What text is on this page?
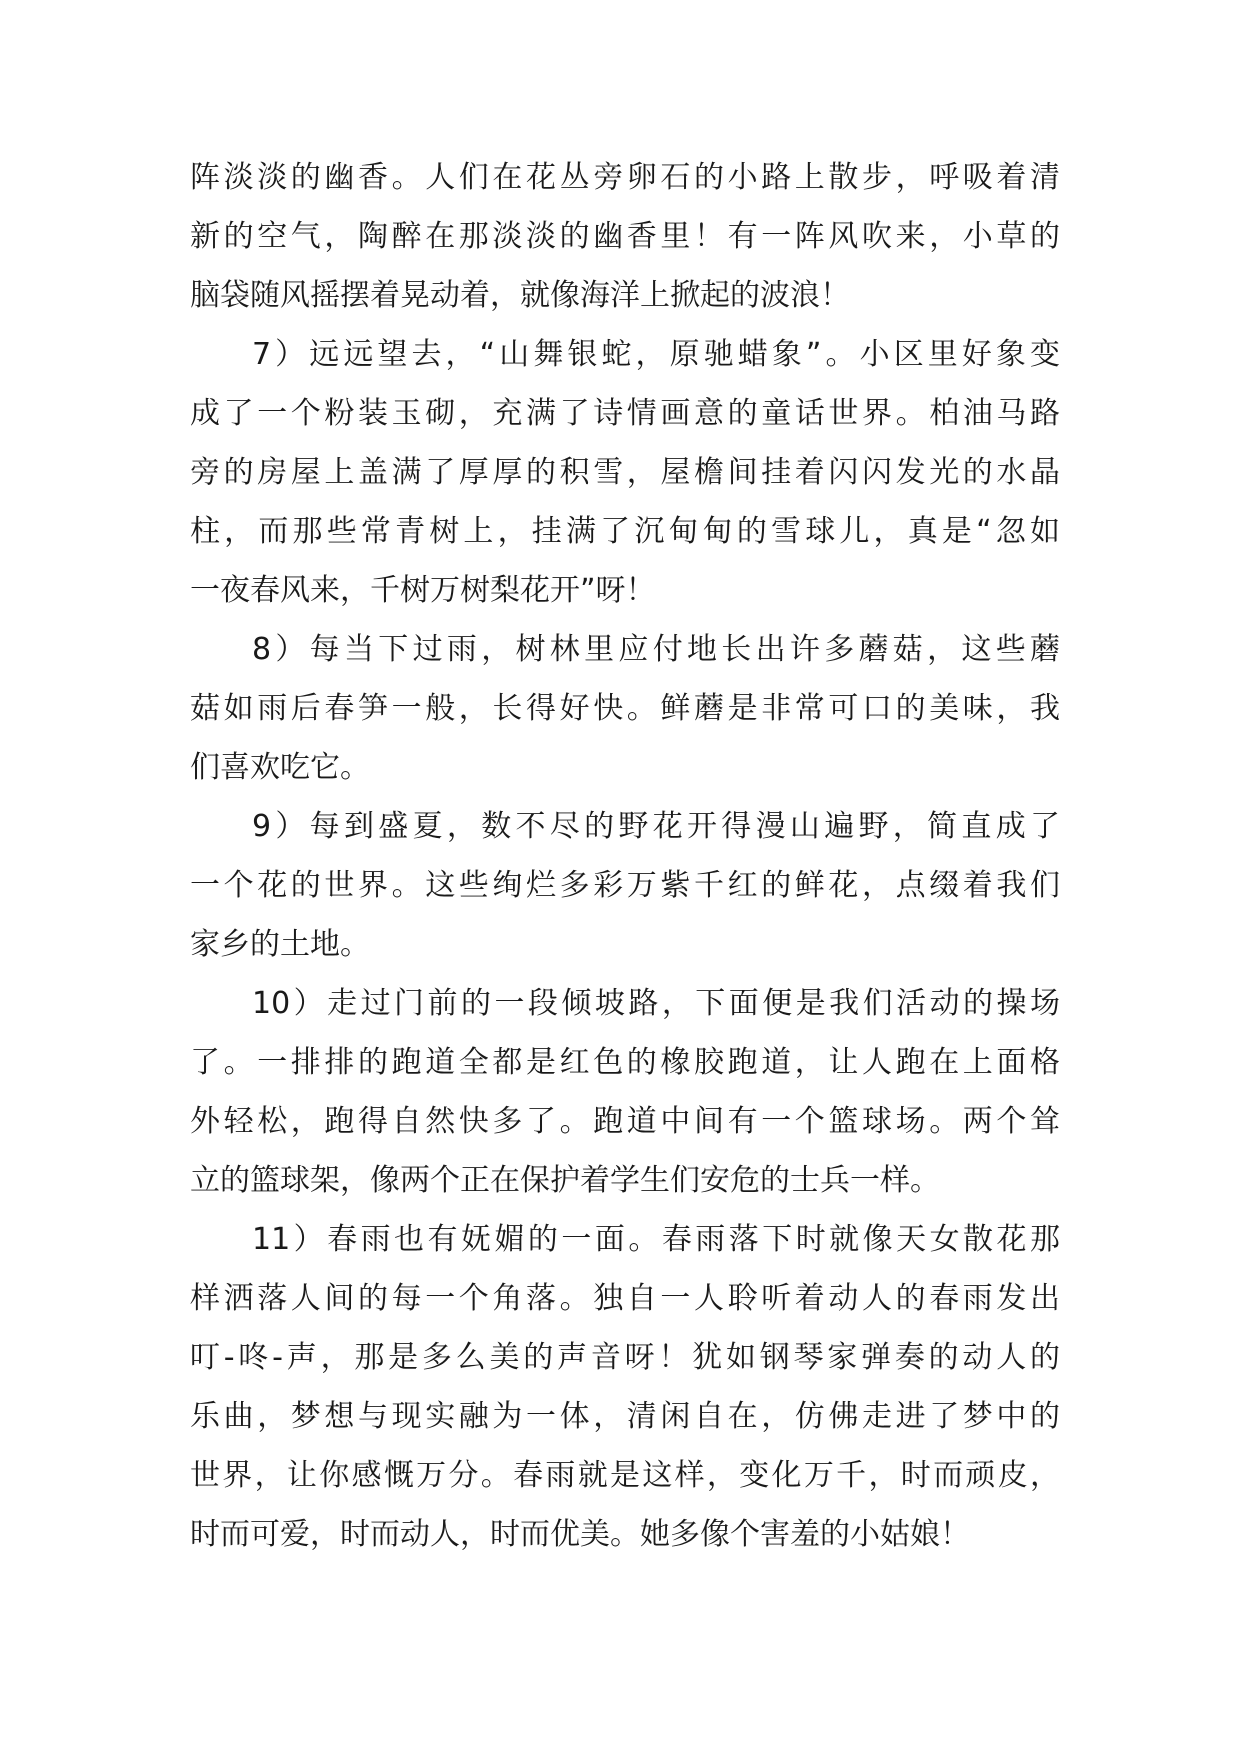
阵淡淡的幽香。人们在花丛旁卵石的小路上散步，呼吸着清
新的空气，陶醉在那淡淡的幽香里！有一阵风吹来，小草的
脑袋随风摇摆着晃动着，就像海洋上掀起的波浪！
7）远远望去，“山舞银蛇，原驰蜡象”。小区里好象变
成了一个粉装玉砌，充满了诗情画意的童话世界。柏油马路
旁的房屋上盖满了厚厚的积雪，屋檐间挂着闪闪发光的水晶
柱，而那些常青树上，挂满了沉甸甸的雪球儿，真是“忽如
一夜春风来，千树万树梨花开”呀！
8）每当下过雨，树林里应付地长出许多蘑菇，这些蘑
菇如雨后春笋一般，长得好快。鲜蘑是非常可口的美味，我
们喜欢吃它。
9）每到盛夏，数不尽的野花开得漫山遍野，简直成了
一个花的世界。这些绚烂多彩万紫千红的鲜花，点缀着我们
家乡的土地。
10）走过门前的一段倾坡路，下面便是我们活动的操场
了。一排排的跑道全都是红色的橡胶跑道，让人跑在上面格
外轻松，跑得自然快多了。跑道中间有一个篮球场。两个耸
立的篮球架，像两个正在保护着学生们安危的士兵一样。
11）春雨也有妩媚的一面。春雨落下时就像天女散花那
样洒落人间的每一个角落。独自一人聆听着动人的春雨发出
叮-咚-声，那是多么美的声音呀！犹如钢琴家弹奏的动人的
乐曲，梦想与现实融为一体，清闲自在，仿佛走进了梦中的
世界，让你感慨万分。春雨就是这样，变化万千，时而顽皮，
时而可爱，时而动人，时而优美。她多像个害羞的小姑娘！
